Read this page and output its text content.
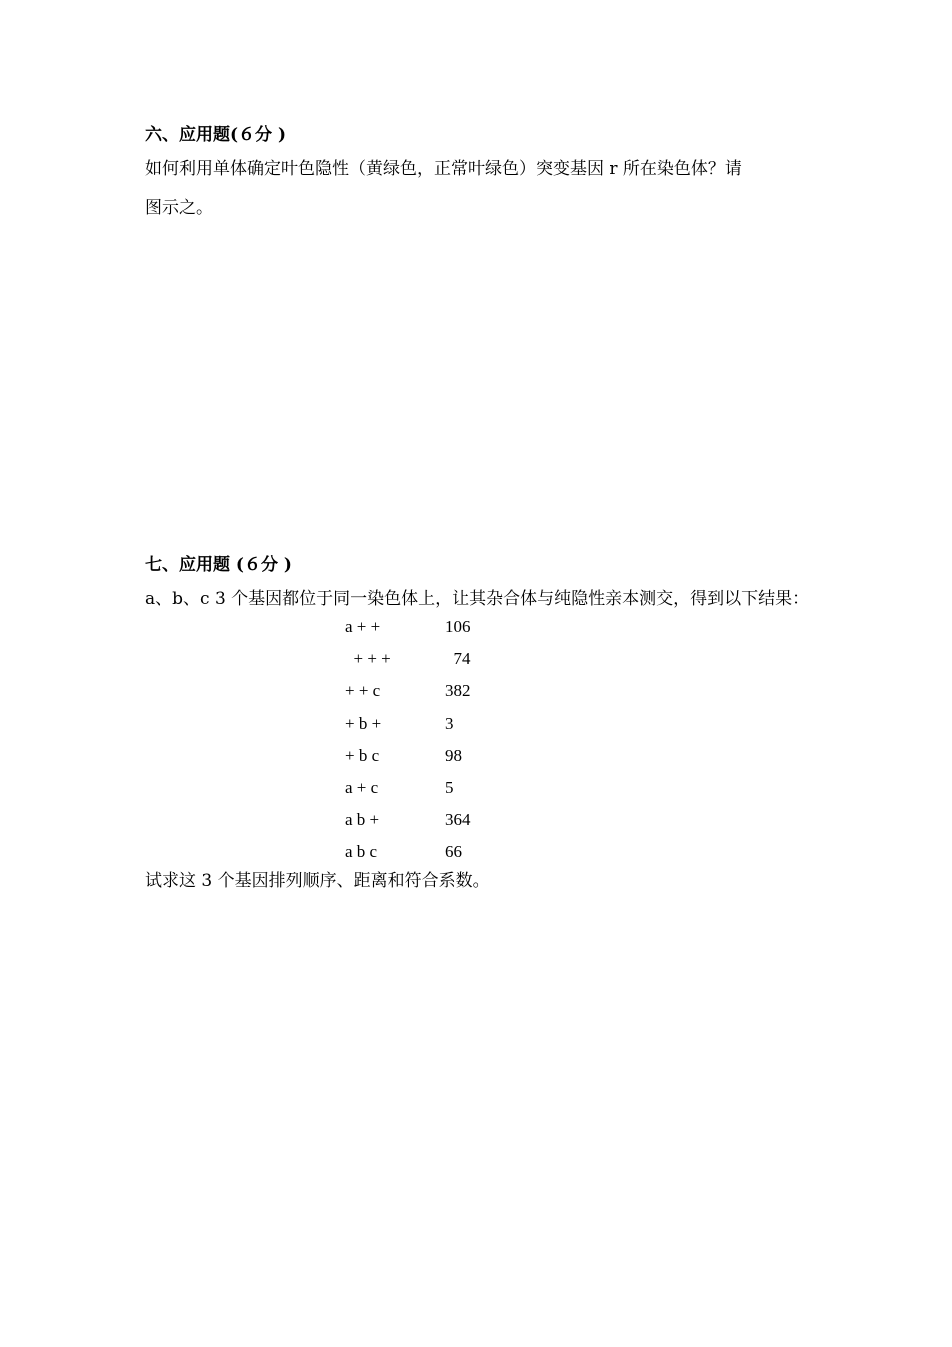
六、应用题(６分 )
如何利用单体确定叶色隐性（黄绿色，正常叶绿色）突变基因 r 所在染色体？请
图示之。
七、应用题 (６分 )
a、b、c 3 个基因都位于同一染色体上，让其杂合体与纯隐性亲本测交，得到以下结果：
a + +	106
+ + +	74
+ + c	382
+ b +	3
+ b c	98
a + c	5
a b +	364
a b c	66
试求这 3 个基因排列顺序、距离和符合系数。
